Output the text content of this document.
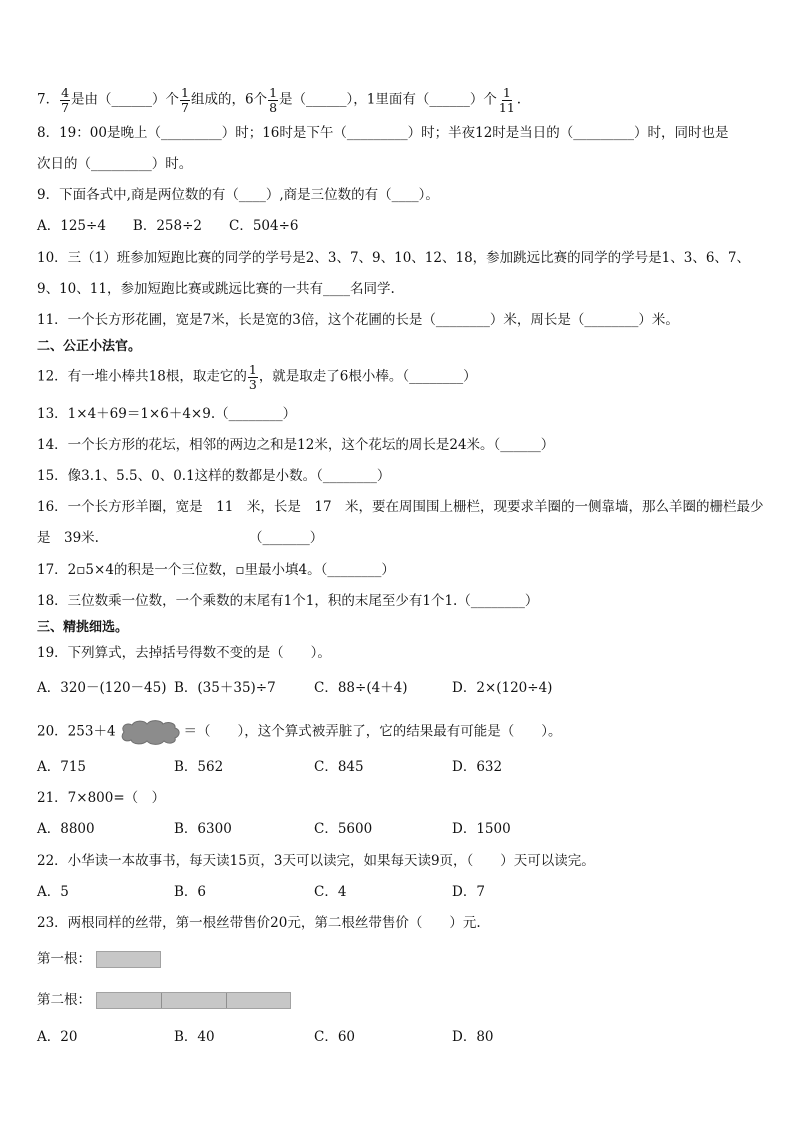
7． $\frac{4}{7}$ 是由（______）个 $\frac{1}{7}$ 组成的，6个 $\frac{1}{8}$ 是（______），1里面有（______）个 $\frac{1}{11}$ .
8．19：00是晚上（_________）时；16时是下午（_________）时；半夜12时是当日的（_________）时，同时也是
次日的（_________）时。
9．下面各式中,商是两位数的有（____）,商是三位数的有（____）。
A．125÷4　　B．258÷2　　C．504÷6
10．三（1）班参加短跑比赛的同学的学号是2、3、7、9、10、12、18，参加跳远比赛的同学的学号是1、3、6、7、
9、10、11，参加短跑比赛或跳远比赛的一共有____名同学.
11．一个长方形花圃，宽是7米，长是宽的3倍，这个花圃的长是（________）米，周长是（________）米。
二、公正小法官。
12．有一堆小棒共18根，取走它的 $\frac{1}{3}$ ，就是取走了6根小棒。（________）
13．1×4＋69＝1×6＋4×9.（________）
14．一个长方形的花坛，相邻的两边之和是12米，这个花坛的周长是24米。（______）
15．像3.1、5.5、0、0.1这样的数都是小数。（________）
16．一个长方形羊圈，宽是　11　米，长是　17　米，要在周围围上栅栏，现要求羊圈的一侧靠墙，那么羊圈的栅栏最少
是　39米.	（_______）
17．2▫5×4的积是一个三位数，▫里最小填4。（________）
18．三位数乘一位数，一个乘数的末尾有1个1，积的末尾至少有1个1.（________）
三、精挑细选。
19．下列算式，去掉括号得数不变的是（　　）。
A．320－(120－45) B．(35＋35)÷7	C．88÷(4＋4)	D．2×(120÷4)
20．253＋4	＝（　　），这个算式被弄脏了，它的结果最有可能是（　　）。
A．715	B．562	C．845	D．632
21．7×800=（　）
A．8800	B．6300	C．5600	D．1500
22．小华读一本故事书，每天读15页，3天可以读完，如果每天读9页，（　　）天可以读完。
A．5	B．6	C．4	D．7
23．两根同样的丝带，第一根丝带售价20元，第二根丝带售价（　　）元.
第一根：
第二根：
A．20	B．40	C．60	D．80
